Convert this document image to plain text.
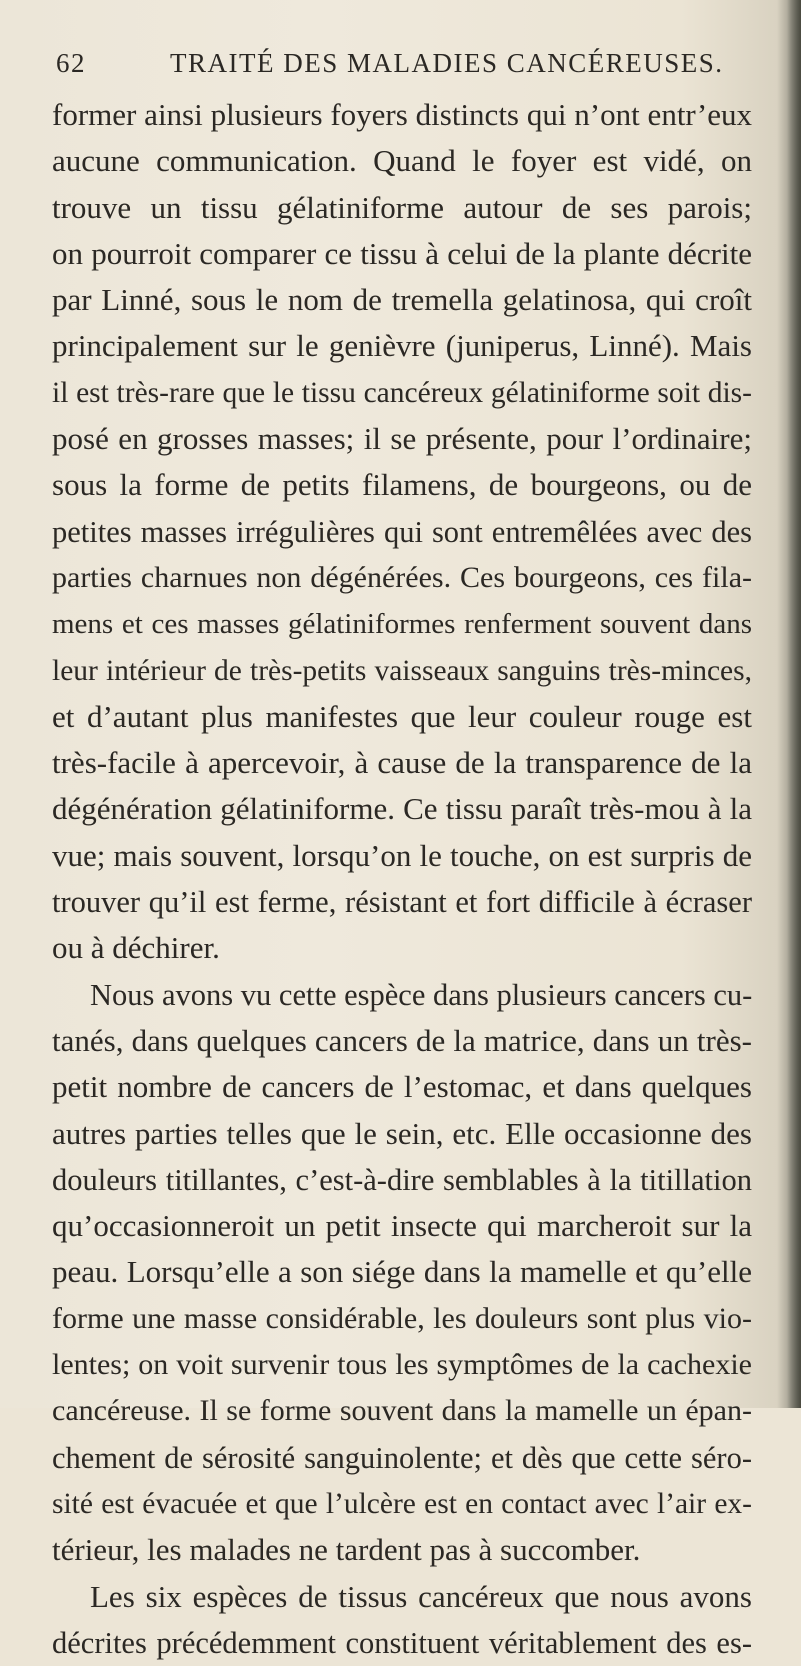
62	TRAITÉ DES MALADIES CANCÉREUSES.
former ainsi plusieurs foyers distincts qui n’ont entr’eux
aucune communication. Quand le foyer est vidé, on
trouve un tissu gélatiniforme autour de ses parois;
on pourroit comparer ce tissu à celui de la plante décrite
par Linné, sous le nom de tremella gelatinosa, qui croît
principalement sur le genièvre (juniperus, Linné). Mais
il est très-rare que le tissu cancéreux gélatiniforme soit dis-
posé en grosses masses; il se présente, pour l’ordinaire;
sous la forme de petits filamens, de bourgeons, ou de
petites masses irrégulières qui sont entremêlées avec des
parties charnues non dégénérées. Ces bourgeons, ces fila-
mens et ces masses gélatiniformes renferment souvent dans
leur intérieur de très-petits vaisseaux sanguins très-minces,
et d’autant plus manifestes que leur couleur rouge est
très-facile à apercevoir, à cause de la transparence de la
dégénération gélatiniforme. Ce tissu paraît très-mou à la
vue; mais souvent, lorsqu’on le touche, on est surpris de
trouver qu’il est ferme, résistant et fort difficile à écraser
ou à déchirer.
Nous avons vu cette espèce dans plusieurs cancers cu-
tanés, dans quelques cancers de la matrice, dans un très-
petit nombre de cancers de l’estomac, et dans quelques
autres parties telles que le sein, etc. Elle occasionne des
douleurs titillantes, c’est-à-dire semblables à la titillation
qu’occasionneroit un petit insecte qui marcheroit sur la
peau. Lorsqu’elle a son siége dans la mamelle et qu’elle
forme une masse considérable, les douleurs sont plus vio-
lentes; on voit survenir tous les symptômes de la cachexie
cancéreuse. Il se forme souvent dans la mamelle un épan-
chement de sérosité sanguinolente; et dès que cette séro-
sité est évacuée et que l’ulcère est en contact avec l’air ex-
térieur, les malades ne tardent pas à succomber.
Les six espèces de tissus cancéreux que nous avons
décrites précédemment constituent véritablement des es-
